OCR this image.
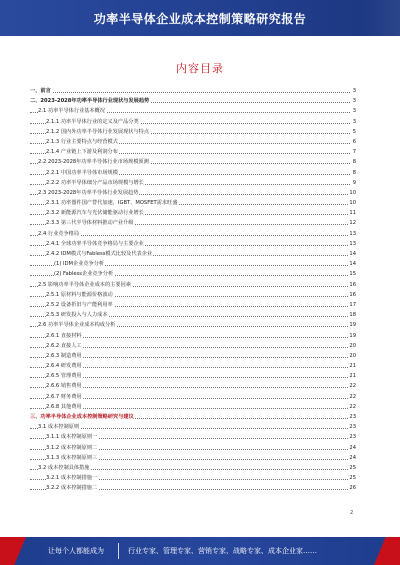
功率半导体企业成本控制策略研究报告
内容目录
一、前言	3
二、2023-2028年功率半导体行业现状与发展趋势	3
2.1 功率半导体行业基本概况	3
2.1.1 功率半导体行业的定义及产品分类	3
2.1.2 国内外功率半导体行业发展现状与特点	5
2.1.3 行业主要特点与经营模式	6
2.1.4 产业链上下游及利润分布	7
2.2 2023-2028年功率半导体行业市场规模预测	8
2.2.1 中国功率半导体市场规模	8
2.2.2 功率半导体细分产品市场规模与增长	9
2.3 2023-2028年功率半导体行业发展趋势	10
2.3.1 功率器件国产替代加速，IGBT、MOSFET需求旺盛	10
2.3.2 新能源汽车与光伏储能驱动行业增长	11
2.3.3 第三代半导体材料推动产业升级	12
2.4 行业竞争格局	13
2.4.1 全球功率半导体竞争格局与主要企业	13
2.4.2 IDM模式与Fabless模式比较及代表企业	14
(1) IDM企业竞争分析	14
(2) Fabless企业竞争分析	15
2.5 影响功率半导体企业成本的主要因素	16
2.5.1 原材料与能源价格波动	16
2.5.2 设备折旧与产能利用率	17
2.5.3 研发投入与人力成本	18
2.6 功率半导体企业成本构成分析	19
2.6.1 直接材料	19
2.6.2 直接人工	20
2.6.3 制造费用	20
2.6.4 研发费用	21
2.6.5 管理费用	21
2.6.6 销售费用	22
2.6.7 财务费用	22
2.6.8 其他费用	22
三、功率半导体企业成本控制策略研究与建议	23
3.1 成本控制原则	23
3.1.1 成本控制原则一	23
3.1.2 成本控制原则二	24
3.1.3 成本控制原则三	24
3.2 成本控制具体措施	25
3.2.1 成本控制措施一	25
3.2.2 成本控制措施二	26
2
让每个人都能成为	行业专家、管理专家、营销专家、战略专家、成本企业家……
